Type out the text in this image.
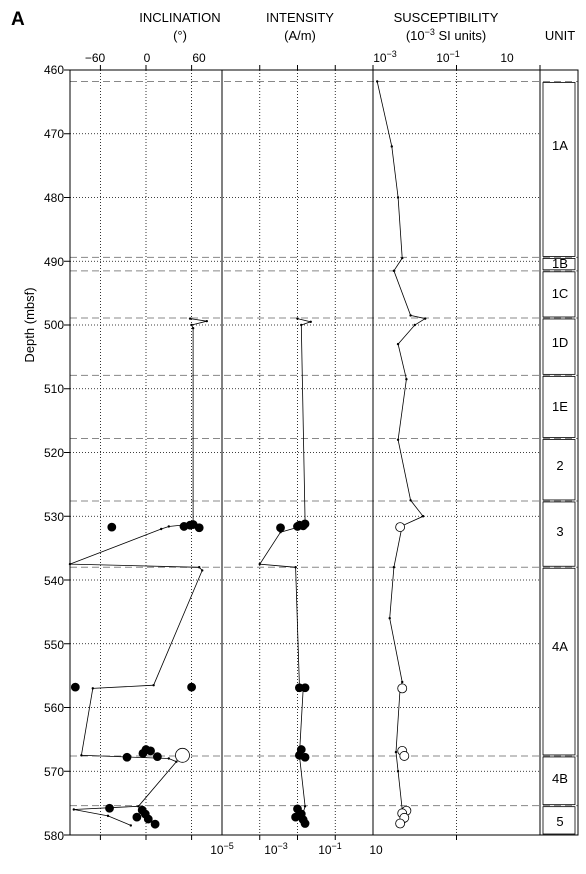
A	INCLINATION
(°)
INTENSITY
(A/m)
SUSCEPTIBILITY
($10^{-3}$ SI units)	UNIT
Depth (mbsf)
−60	0	60	$10^{-3}$	$10^{-1}$	10
$10^{-5}$	$10^{-3}$	$10^{-1}$ 10
460
470
480
490
500
510
520
530
540
550
560
570
580
1A
1B
1C
1D
1E
2
3
4A
4B
5
